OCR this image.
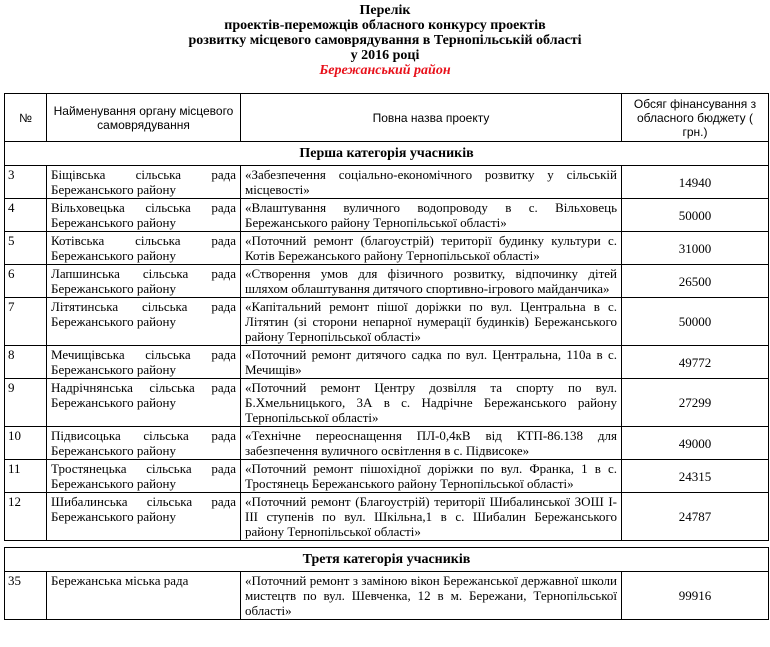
Перелік
проектів-переможців обласного конкурсу проектів
розвитку місцевого самоврядування в Тернопільській області
у 2016 році
Бережанський район
№	Найменування органу місцевого самоврядування	Повна назва проекту	Обсяг фінансування з обласного бюджету ( грн.)
Перша категорія учасників			
3	Біщівська сільська рада Бережанського району	«Забезпечення соціально-економічного розвитку у сільській місцевості»	14940
4	Вільховецька сільська рада Бережанського району	«Влаштування вуличного водопроводу в с. Вільховець Бережанського району Тернопільської області»	50000
5	Котівська сільська рада Бережанського району	«Поточний ремонт (благоустрій) території будинку культури с. Котів Бережанського району Тернопільської області»	31000
6	Лапшинська сільська рада Бережанського району	«Створення умов для фізичного розвитку, відпочинку дітей шляхом облаштування дитячого спортивно-ігрового майданчика»	26500
7	Літятинська сільська рада Бережанського району	«Капітальний ремонт пішої доріжки по вул. Центральна в с. Літятин (зі сторони непарної нумерації будинків) Бережанського району Тернопільської області»	50000
8	Мечищівська сільська рада Бережанського району	«Поточний ремонт дитячого садка по вул. Центральна, 110а в с. Мечищів»	49772
9	Надрічнянська сільська рада Бережанського району	«Поточний ремонт Центру дозвілля та спорту по вул. Б.Хмельницького, 3А в с. Надрічне Бережанського району Тернопільської області»	27299
10	Підвисоцька сільська рада Бережанського району	«Технічне переоснащення ПЛ-0,4кВ від КТП-86.138 для забезпечення вуличного освітлення в с. Підвисоке»	49000
11	Тростянецька сільська рада Бережанського району	«Поточний ремонт пішохідної доріжки по вул. Франка, 1 в с. Тростянець Бережанського району Тернопільської області»	24315
12	Шибалинська сільська рада Бережанського району	«Поточний ремонт (Благоустрій) території Шибалинської ЗОШ І-ІІІ ступенів по вул. Шкільна,1 в с. Шибалин Бережанського району Тернопільської області»	24787

Третя категорія учасників			
35	Бережанська міська рада	«Поточний ремонт з заміною вікон Бережанської державної школи мистецтв по вул. Шевченка, 12 в м. Бережани, Тернопільської області»	99916
